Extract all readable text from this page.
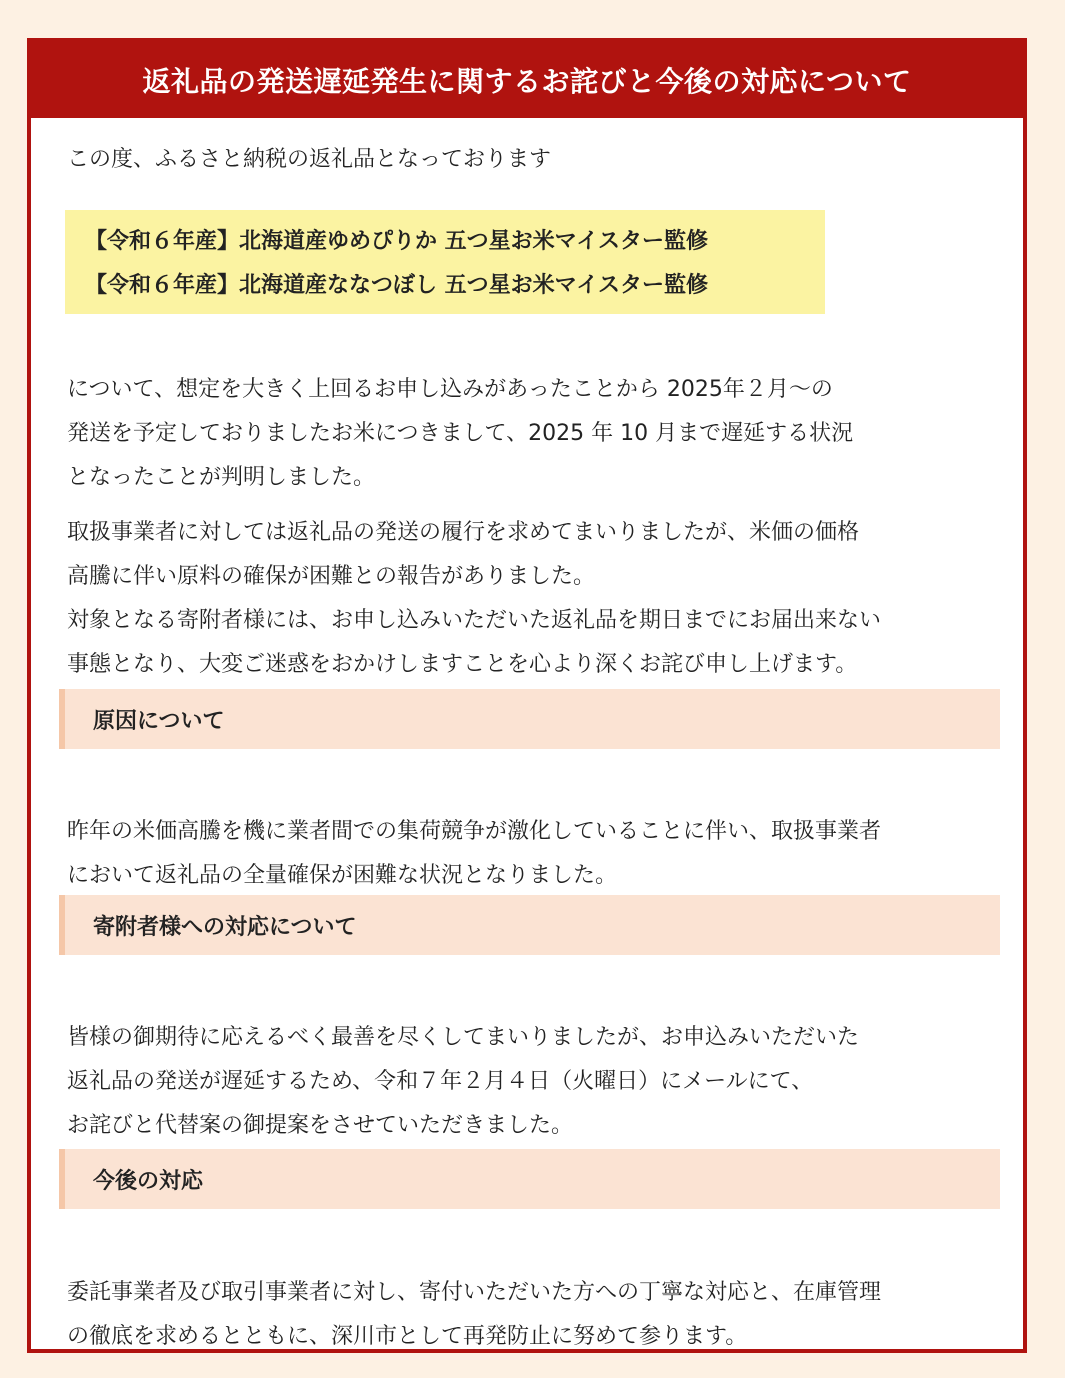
返礼品の発送遅延発生に関するお詫びと今後の対応について
この度、ふるさと納税の返礼品となっております
【令和６年産】北海道産ゆめぴりか 五つ星お米マイスター監修
【令和６年産】北海道産ななつぼし 五つ星お米マイスター監修
について、想定を大きく上回るお申し込みがあったことから 2025年２月〜の
発送を予定しておりましたお米につきまして、2025 年 10 月まで遅延する状況
となったことが判明しました。
取扱事業者に対しては返礼品の発送の履行を求めてまいりましたが、米価の価格
高騰に伴い原料の確保が困難との報告がありました。
対象となる寄附者様には、お申し込みいただいた返礼品を期日までにお届出来ない
事態となり、大変ご迷惑をおかけしますことを心より深くお詫び申し上げます。
原因について
昨年の米価高騰を機に業者間での集荷競争が激化していることに伴い、取扱事業者
において返礼品の全量確保が困難な状況となりました。
寄附者様への対応について
皆様の御期待に応えるべく最善を尽くしてまいりましたが、お申込みいただいた
返礼品の発送が遅延するため、令和７年２月４日（火曜日）にメールにて、
お詫びと代替案の御提案をさせていただきました。
今後の対応
委託事業者及び取引事業者に対し、寄付いただいた方への丁寧な対応と、在庫管理
の徹底を求めるとともに、深川市として再発防止に努めて参ります。
